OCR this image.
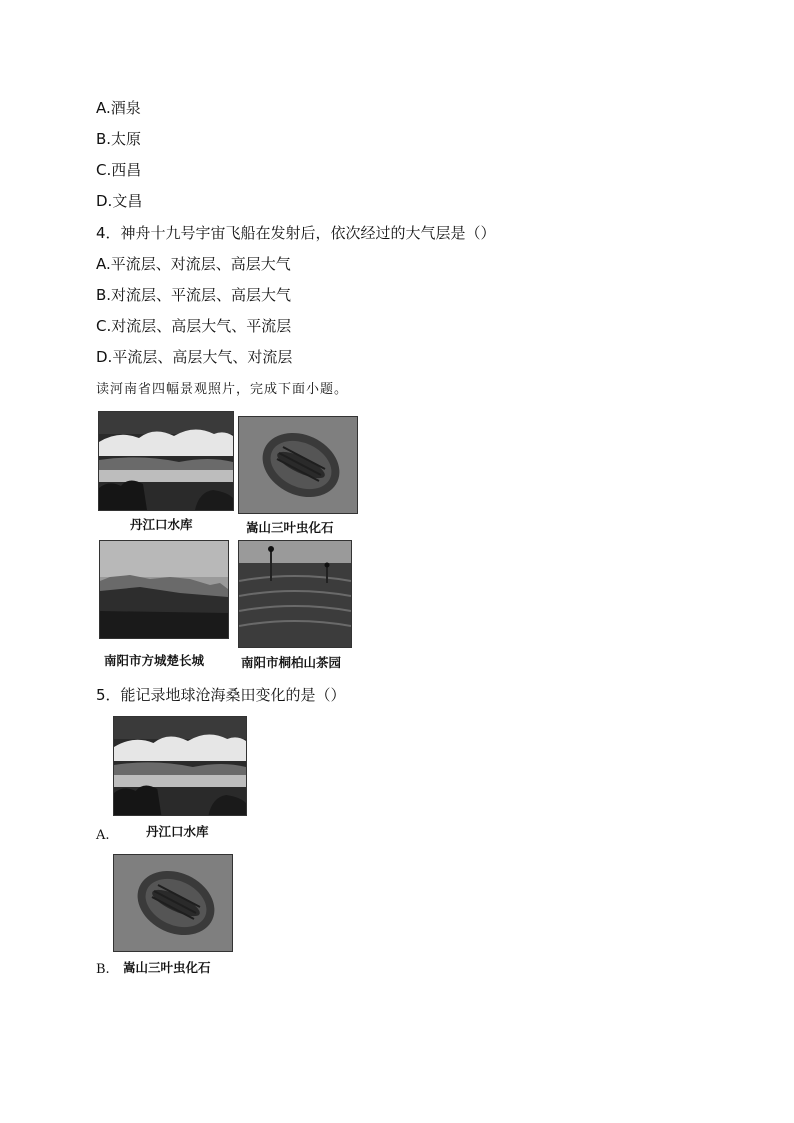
A.酒泉
B.太原
C.西昌
D.文昌
4．神舟十九号宇宙飞船在发射后，依次经过的大气层是（）
A.平流层、对流层、高层大气
B.对流层、平流层、高层大气
C.对流层、高层大气、平流层
D.平流层、高层大气、对流层
读河南省四幅景观照片，完成下面小题。
丹江口水库	嵩山三叶虫化石
南阳市方城楚长城	南阳市桐柏山茶园
5．能记录地球沧海桑田变化的是（）
丹江口水库
A.
嵩山三叶虫化石
B.
